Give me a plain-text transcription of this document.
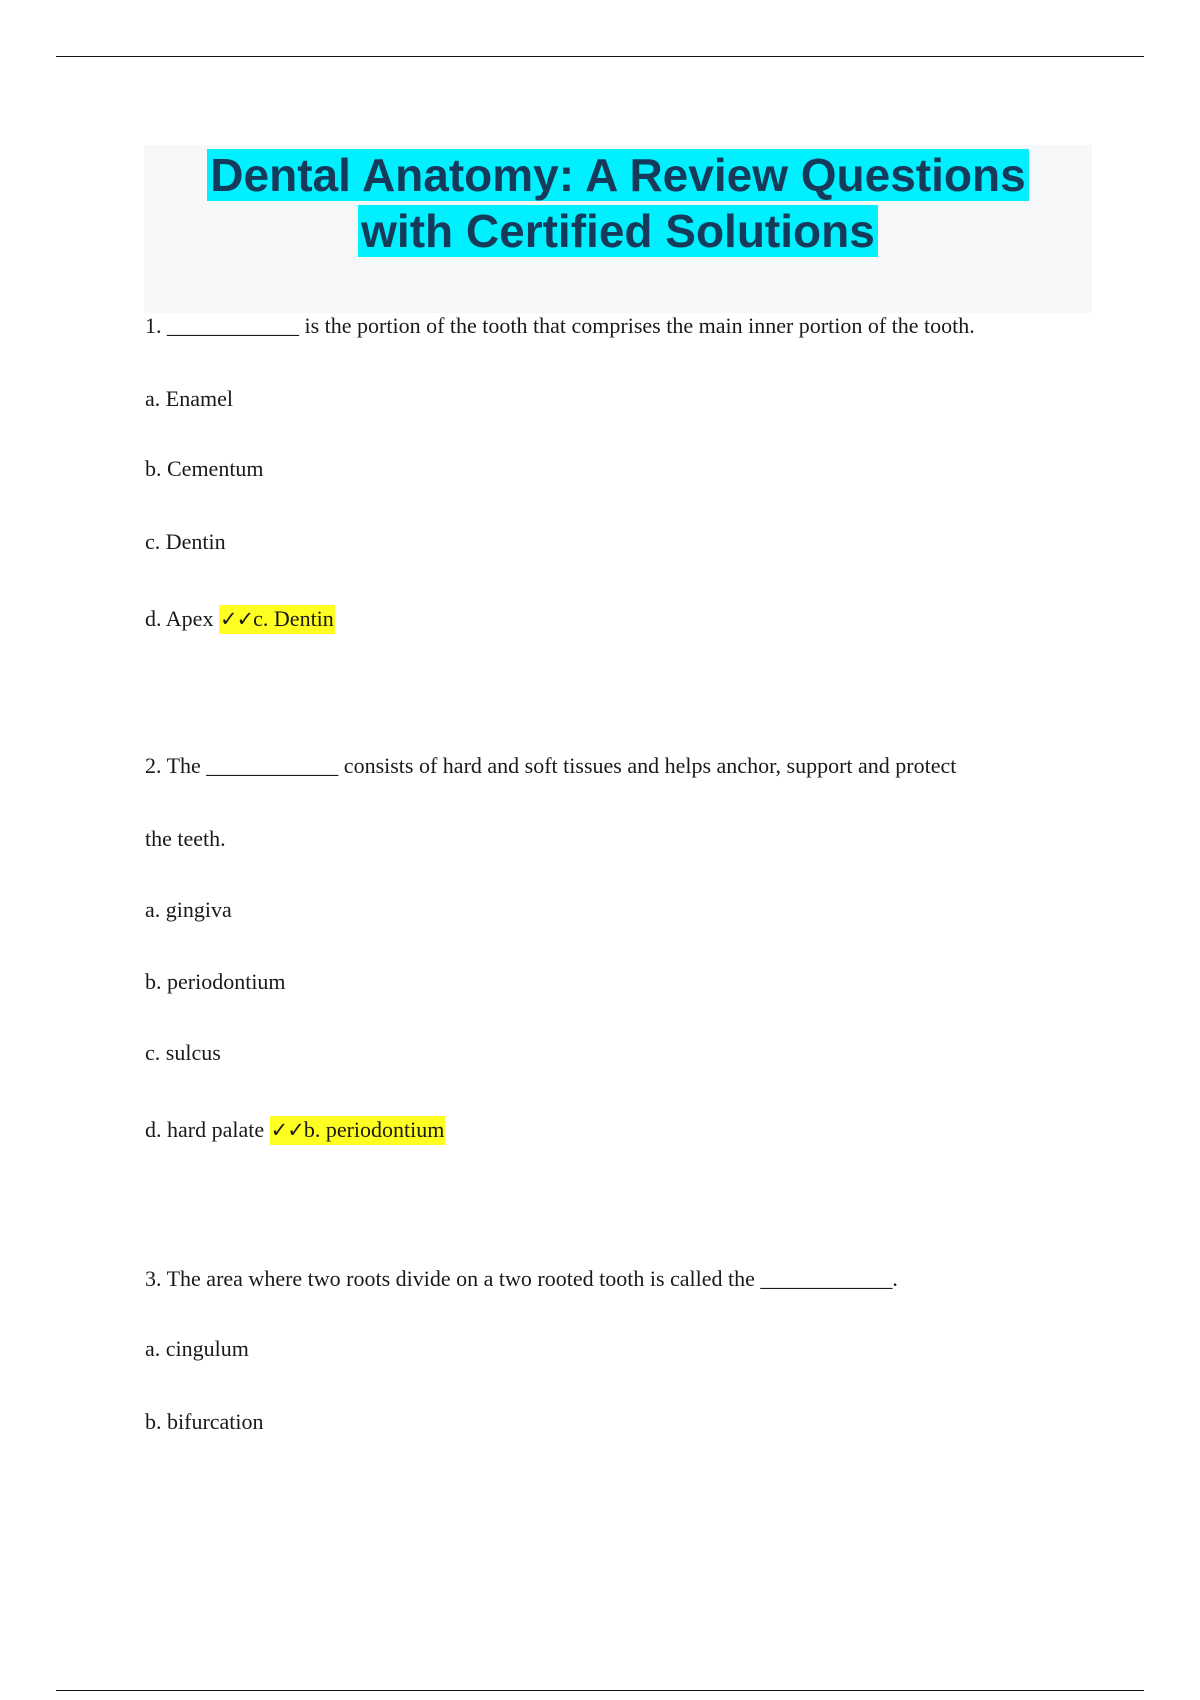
Dental Anatomy: A Review Questions
with Certified Solutions
1. ____________ is the portion of the tooth that comprises the main inner portion of the tooth.
a. Enamel
b. Cementum
c. Dentin
d. Apex ✓✓c. Dentin
2. The ____________ consists of hard and soft tissues and helps anchor, support and protect
the teeth.
a. gingiva
b. periodontium
c. sulcus
d. hard palate ✓✓b. periodontium
3. The area where two roots divide on a two rooted tooth is called the ____________.
a. cingulum
b. bifurcation
